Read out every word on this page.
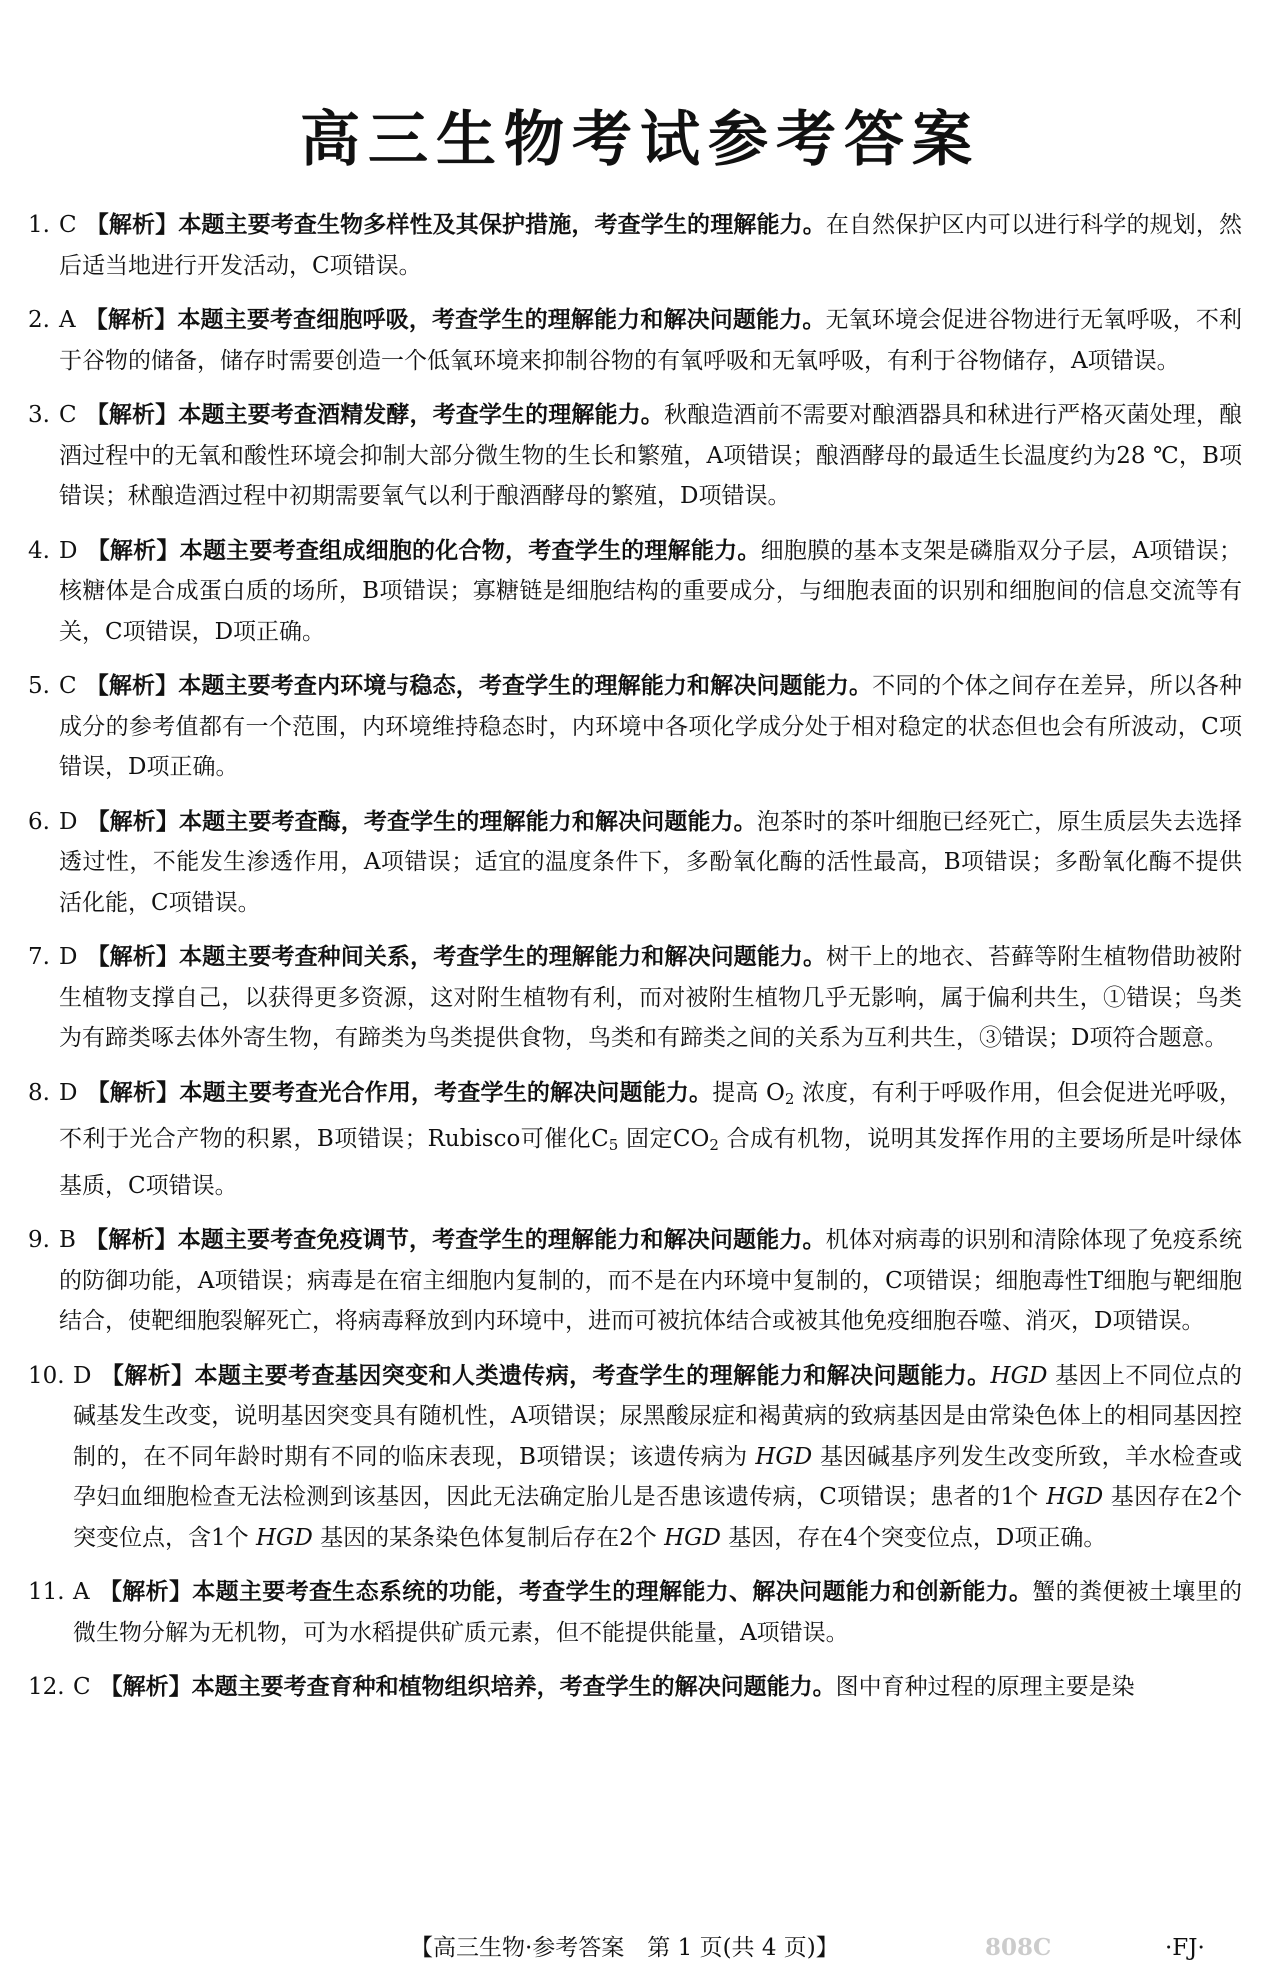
高三生物考试参考答案

1. C 【解析】本题主要考查生物多样性及其保护措施，考查学生的理解能力。在自然保护区内可以进行科学的规划，然后适当地进行开发活动，C项错误。

2. A 【解析】本题主要考查细胞呼吸，考查学生的理解能力和解决问题能力。无氧环境会促进谷物进行无氧呼吸，不利于谷物的储备，储存时需要创造一个低氧环境来抑制谷物的有氧呼吸和无氧呼吸，有利于谷物储存，A项错误。

3. C 【解析】本题主要考查酒精发酵，考查学生的理解能力。秋酿造酒前不需要对酿酒器具和秫进行严格灭菌处理，酿酒过程中的无氧和酸性环境会抑制大部分微生物的生长和繁殖，A项错误；酿酒酵母的最适生长温度约为28 ℃，B项错误；秫酿造酒过程中初期需要氧气以利于酿酒酵母的繁殖，D项错误。

4. D 【解析】本题主要考查组成细胞的化合物，考查学生的理解能力。细胞膜的基本支架是磷脂双分子层，A项错误；核糖体是合成蛋白质的场所，B项错误；寡糖链是细胞结构的重要成分，与细胞表面的识别和细胞间的信息交流等有关，C项错误，D项正确。

5. C 【解析】本题主要考查内环境与稳态，考查学生的理解能力和解决问题能力。不同的个体之间存在差异，所以各种成分的参考值都有一个范围，内环境维持稳态时，内环境中各项化学成分处于相对稳定的状态但也会有所波动，C项错误，D项正确。

6. D 【解析】本题主要考查酶，考查学生的理解能力和解决问题能力。泡茶时的茶叶细胞已经死亡，原生质层失去选择透过性，不能发生渗透作用，A项错误；适宜的温度条件下，多酚氧化酶的活性最高，B项错误；多酚氧化酶不提供活化能，C项错误。

7. D 【解析】本题主要考查种间关系，考查学生的理解能力和解决问题能力。树干上的地衣、苔藓等附生植物借助被附生植物支撑自己，以获得更多资源，这对附生植物有利，而对被附生植物几乎无影响，属于偏利共生，①错误；鸟类为有蹄类啄去体外寄生物，有蹄类为鸟类提供食物，鸟类和有蹄类之间的关系为互利共生，③错误；D项符合题意。

8. D 【解析】本题主要考查光合作用，考查学生的解决问题能力。提高 $O_2$ 浓度，有利于呼吸作用，但会促进光呼吸，不利于光合产物的积累，B项错误；Rubisco可催化$C_5$ 固定$CO_2$ 合成有机物，说明其发挥作用的主要场所是叶绿体基质，C项错误。

9. B 【解析】本题主要考查免疫调节，考查学生的理解能力和解决问题能力。机体对病毒的识别和清除体现了免疫系统的防御功能，A项错误；病毒是在宿主细胞内复制的，而不是在内环境中复制的，C项错误；细胞毒性T细胞与靶细胞结合，使靶细胞裂解死亡，将病毒释放到内环境中，进而可被抗体结合或被其他免疫细胞吞噬、消灭，D项错误。

10. D 【解析】本题主要考查基因突变和人类遗传病，考查学生的理解能力和解决问题能力。HGD 基因上不同位点的碱基发生改变，说明基因突变具有随机性，A项错误；尿黑酸尿症和褐黄病的致病基因是由常染色体上的相同基因控制的，在不同年龄时期有不同的临床表现，B项错误；该遗传病为 HGD 基因碱基序列发生改变所致，羊水检查或孕妇血细胞检查无法检测到该基因，因此无法确定胎儿是否患该遗传病，C项错误；患者的1个 HGD 基因存在2个突变位点，含1个 HGD 基因的某条染色体复制后存在2个 HGD 基因，存在4个突变位点，D项正确。

11. A 【解析】本题主要考查生态系统的功能，考查学生的理解能力、解决问题能力和创新能力。蟹的粪便被土壤里的微生物分解为无机物，可为水稻提供矿质元素，但不能提供能量，A项错误。

12. C 【解析】本题主要考查育种和植物组织培养，考查学生的解决问题能力。图中育种过程的原理主要是染

【高三生物·参考答案　第 1 页(共 4 页)】	808C	·FJ·
